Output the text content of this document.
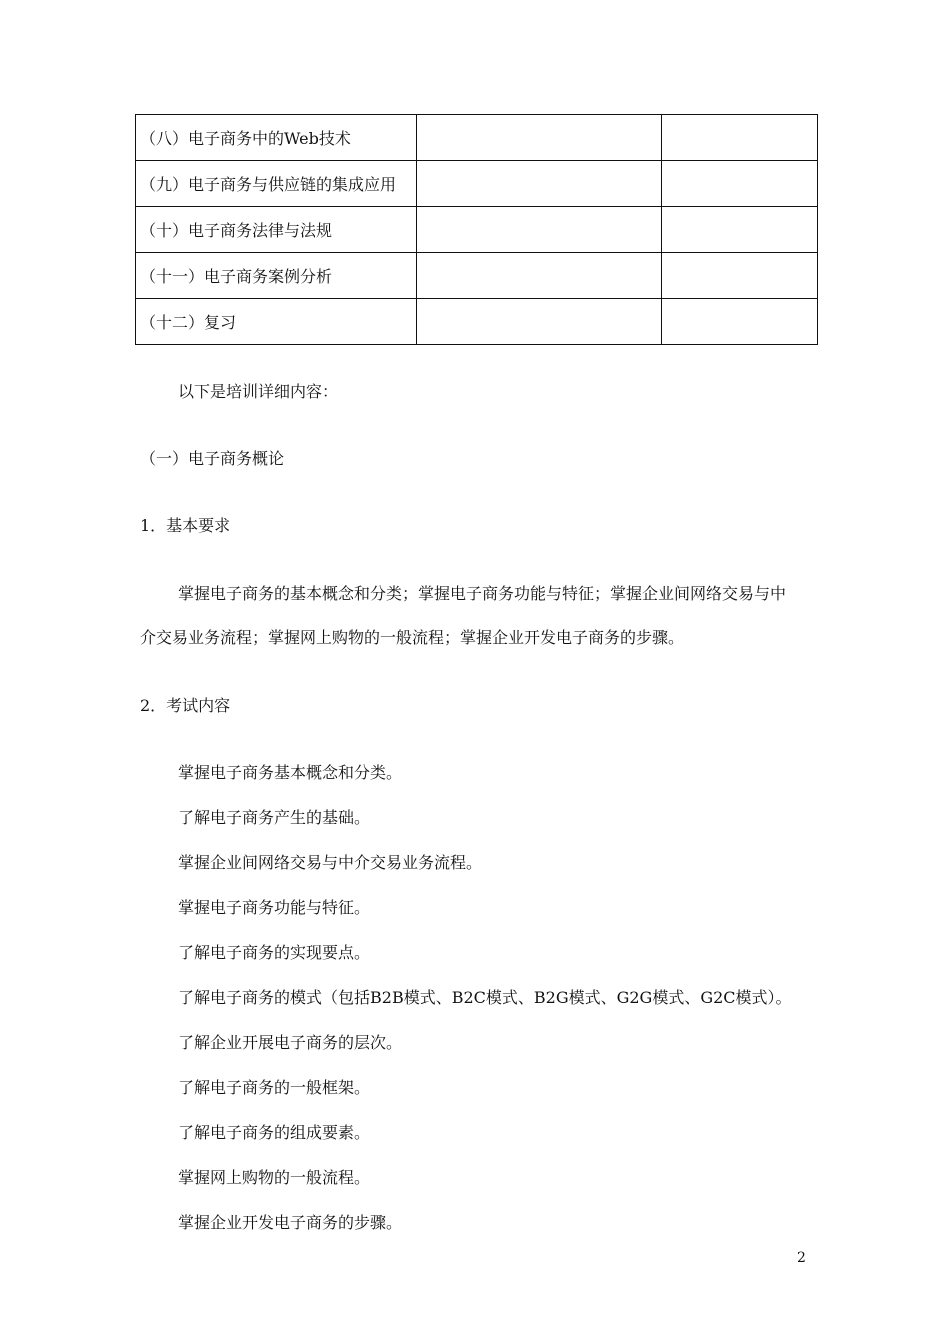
（八）电子商务中的Web技术		
（九）电子商务与供应链的集成应用		
（十）电子商务法律与法规		
（十一）电子商务案例分析		
（十二）复习		
以下是培训详细内容：
（一）电子商务概论
1．基本要求
掌握电子商务的基本概念和分类；掌握电子商务功能与特征；掌握企业间网络交易与中
介交易业务流程；掌握网上购物的一般流程；掌握企业开发电子商务的步骤。
2．考试内容
掌握电子商务基本概念和分类。
了解电子商务产生的基础。
掌握企业间网络交易与中介交易业务流程。
掌握电子商务功能与特征。
了解电子商务的实现要点。
了解电子商务的模式（包括B2B模式、B2C模式、B2G模式、G2G模式、G2C模式）。
了解企业开展电子商务的层次。
了解电子商务的一般框架。
了解电子商务的组成要素。
掌握网上购物的一般流程。
掌握企业开发电子商务的步骤。
2
